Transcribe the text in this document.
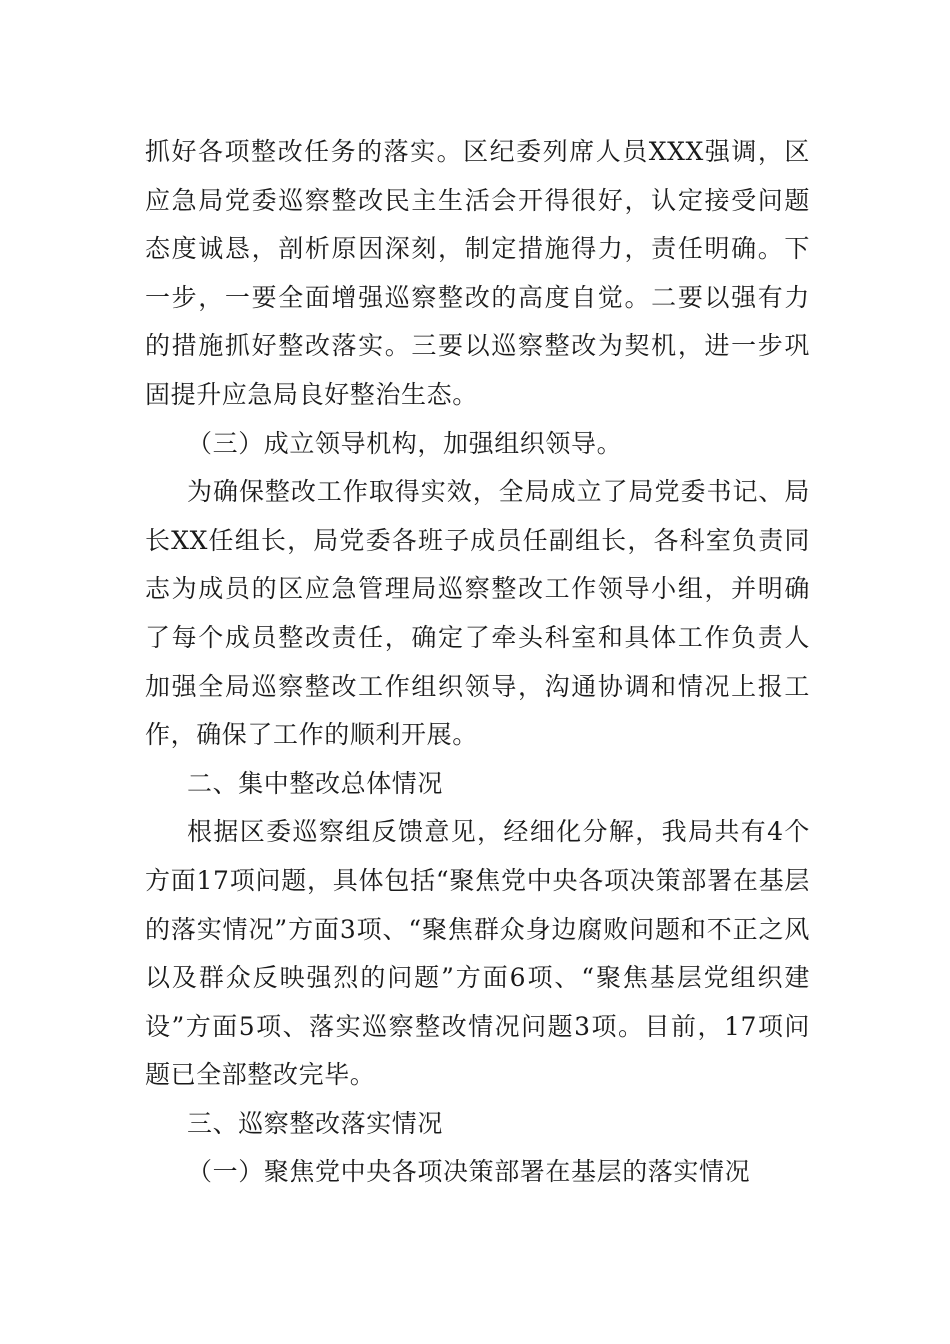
抓好各项整改任务的落实。区纪委列席人员XXX强调，区应急局党委巡察整改民主生活会开得很好，认定接受问题态度诚恳，剖析原因深刻，制定措施得力，责任明确。下一步，一要全面增强巡察整改的高度自觉。二要以强有力的措施抓好整改落实。三要以巡察整改为契机，进一步巩固提升应急局良好整治生态。

（三）成立领导机构，加强组织领导。

为确保整改工作取得实效，全局成立了局党委书记、局长XX任组长，局党委各班子成员任副组长，各科室负责同志为成员的区应急管理局巡察整改工作领导小组，并明确了每个成员整改责任，确定了牵头科室和具体工作负责人加强全局巡察整改工作组织领导，沟通协调和情况上报工作，确保了工作的顺利开展。

二、集中整改总体情况

根据区委巡察组反馈意见，经细化分解，我局共有4个方面17项问题，具体包括“聚焦党中央各项决策部署在基层的落实情况”方面3项、“聚焦群众身边腐败问题和不正之风以及群众反映强烈的问题”方面6项、“聚焦基层党组织建设”方面5项、落实巡察整改情况问题3项。目前，17项问题已全部整改完毕。

三、巡察整改落实情况

（一）聚焦党中央各项决策部署在基层的落实情况
